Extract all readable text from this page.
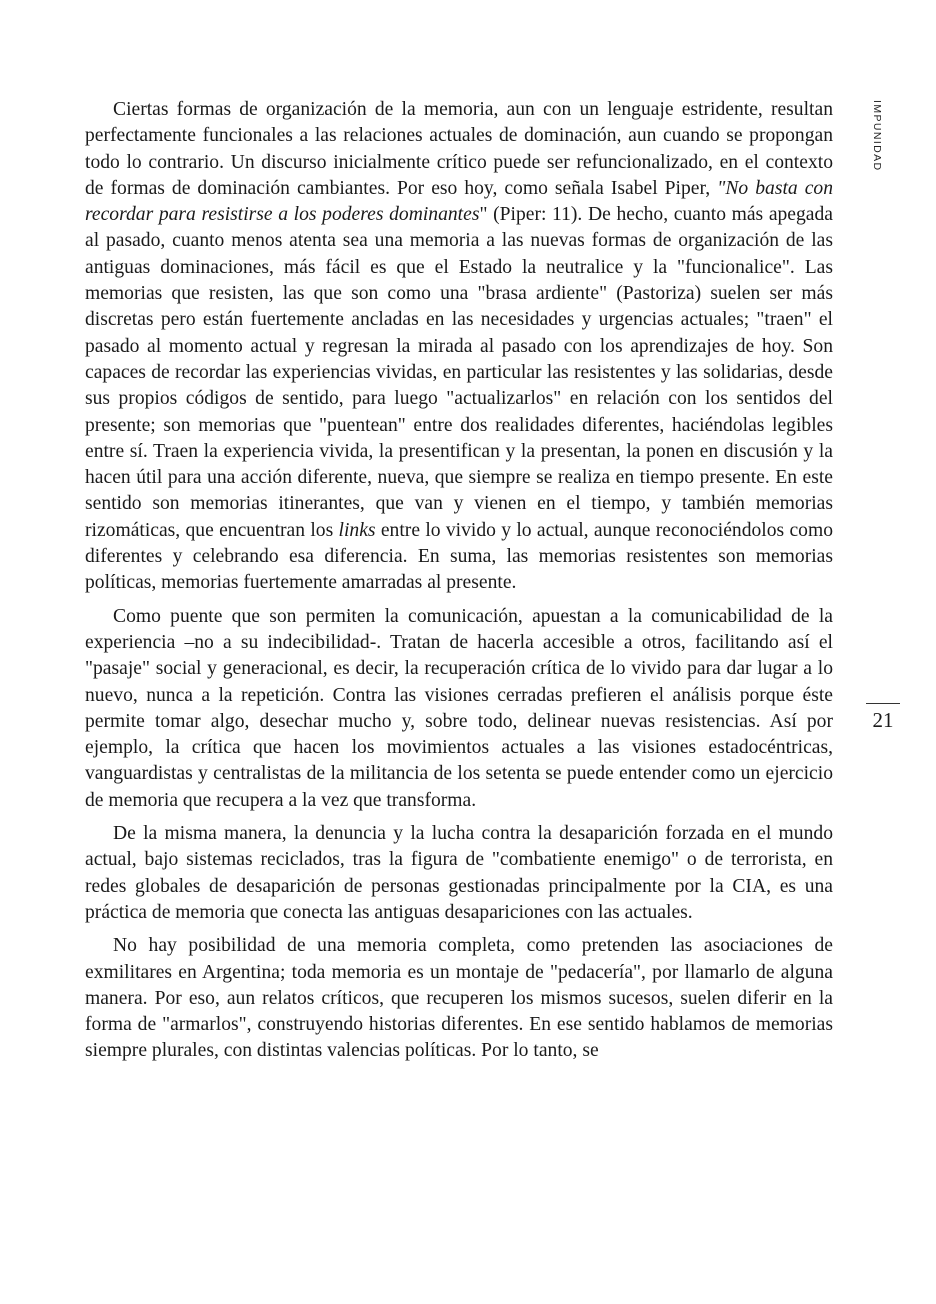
IMPUNIDAD
21

Ciertas formas de organización de la memoria, aun con un lenguaje estridente, resultan perfectamente funcionales a las relaciones actuales de dominación, aun cuando se propongan todo lo contrario. Un discurso inicialmente crítico puede ser refuncionalizado, en el contexto de formas de dominación cambiantes. Por eso hoy, como señala Isabel Piper, "No basta con recordar para resistirse a los poderes dominantes" (Piper: 11). De hecho, cuanto más apegada al pasado, cuanto menos atenta sea una memoria a las nuevas formas de organización de las antiguas dominaciones, más fácil es que el Estado la neutralice y la "funcionalice". Las memorias que resisten, las que son como una "brasa ardiente" (Pastoriza) suelen ser más discretas pero están fuertemente ancladas en las necesidades y urgencias actuales; "traen" el pasado al momento actual y regresan la mirada al pasado con los aprendizajes de hoy. Son capaces de recordar las experiencias vividas, en particular las resistentes y las solidarias, desde sus propios códigos de sentido, para luego "actualizarlos" en relación con los sentidos del presente; son memorias que "puentean" entre dos realidades diferentes, haciéndolas legibles entre sí. Traen la experiencia vivida, la presentifican y la presentan, la ponen en discusión y la hacen útil para una acción diferente, nueva, que siempre se realiza en tiempo presente. En este sentido son memorias itinerantes, que van y vienen en el tiempo, y también memorias rizomáticas, que encuentran los links entre lo vivido y lo actual, aunque reconociéndolos como diferentes y celebrando esa diferencia. En suma, las memorias resistentes son memorias políticas, memorias fuertemente amarradas al presente.

Como puente que son permiten la comunicación, apuestan a la comunicabilidad de la experiencia –no a su indecibilidad-. Tratan de hacerla accesible a otros, facilitando así el "pasaje" social y generacional, es decir, la recuperación crítica de lo vivido para dar lugar a lo nuevo, nunca a la repetición. Contra las visiones cerradas prefieren el análisis porque éste permite tomar algo, desechar mucho y, sobre todo, delinear nuevas resistencias. Así por ejemplo, la crítica que hacen los movimientos actuales a las visiones estadocéntricas, vanguardistas y centralistas de la militancia de los setenta se puede entender como un ejercicio de memoria que recupera a la vez que transforma.

De la misma manera, la denuncia y la lucha contra la desaparición forzada en el mundo actual, bajo sistemas reciclados, tras la figura de "combatiente enemigo" o de terrorista, en redes globales de desaparición de personas gestionadas principalmente por la CIA, es una práctica de memoria que conecta las antiguas desapariciones con las actuales.

No hay posibilidad de una memoria completa, como pretenden las asociaciones de exmilitares en Argentina; toda memoria es un montaje de "pedacería", por llamarlo de alguna manera. Por eso, aun relatos críticos, que recuperen los mismos sucesos, suelen diferir en la forma de "armarlos", construyendo historias diferentes. En ese sentido hablamos de memorias siempre plurales, con distintas valencias políticas. Por lo tanto, se
